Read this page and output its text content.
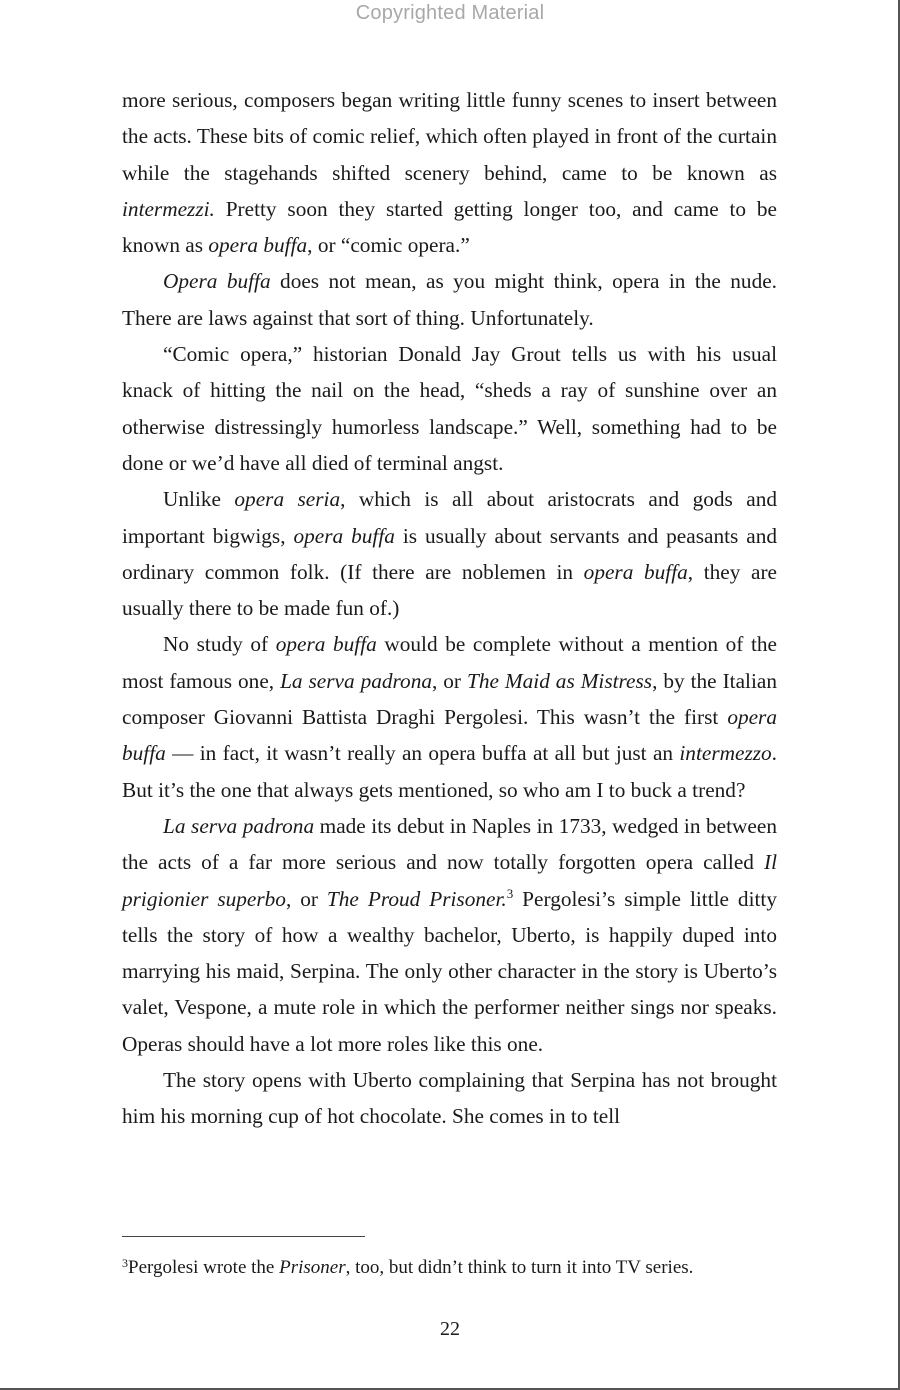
Copyrighted Material

more serious, composers began writing little funny scenes to insert between the acts. These bits of comic relief, which often played in front of the curtain while the stagehands shifted scenery behind, came to be known as intermezzi. Pretty soon they started getting longer too, and came to be known as opera buffa, or “comic opera.”

Opera buffa does not mean, as you might think, opera in the nude. There are laws against that sort of thing. Unfortunately.

“Comic opera,” historian Donald Jay Grout tells us with his usual knack of hitting the nail on the head, “sheds a ray of sunshine over an otherwise distressingly humorless landscape.” Well, something had to be done or we’d have all died of terminal angst.

Unlike opera seria, which is all about aristocrats and gods and important bigwigs, opera buffa is usually about servants and peasants and ordinary common folk. (If there are noblemen in opera buffa, they are usually there to be made fun of.)

No study of opera buffa would be complete without a mention of the most famous one, La serva padrona, or The Maid as Mistress, by the Italian composer Giovanni Battista Draghi Pergolesi. This wasn’t the first opera buffa — in fact, it wasn’t really an opera buffa at all but just an intermezzo. But it’s the one that always gets mentioned, so who am I to buck a trend?

La serva padrona made its debut in Naples in 1733, wedged in between the acts of a far more serious and now totally forgotten opera called Il prigionier superbo, or The Proud Prisoner.$^3$ Pergolesi’s simple little ditty tells the story of how a wealthy bachelor, Uberto, is happily duped into marrying his maid, Serpina. The only other character in the story is Uberto’s valet, Vespone, a mute role in which the performer neither sings nor speaks. Operas should have a lot more roles like this one.

The story opens with Uberto complaining that Serpina has not brought him his morning cup of hot chocolate. She comes in to tell

$^3$Pergolesi wrote the Prisoner, too, but didn’t think to turn it into TV series.

22
